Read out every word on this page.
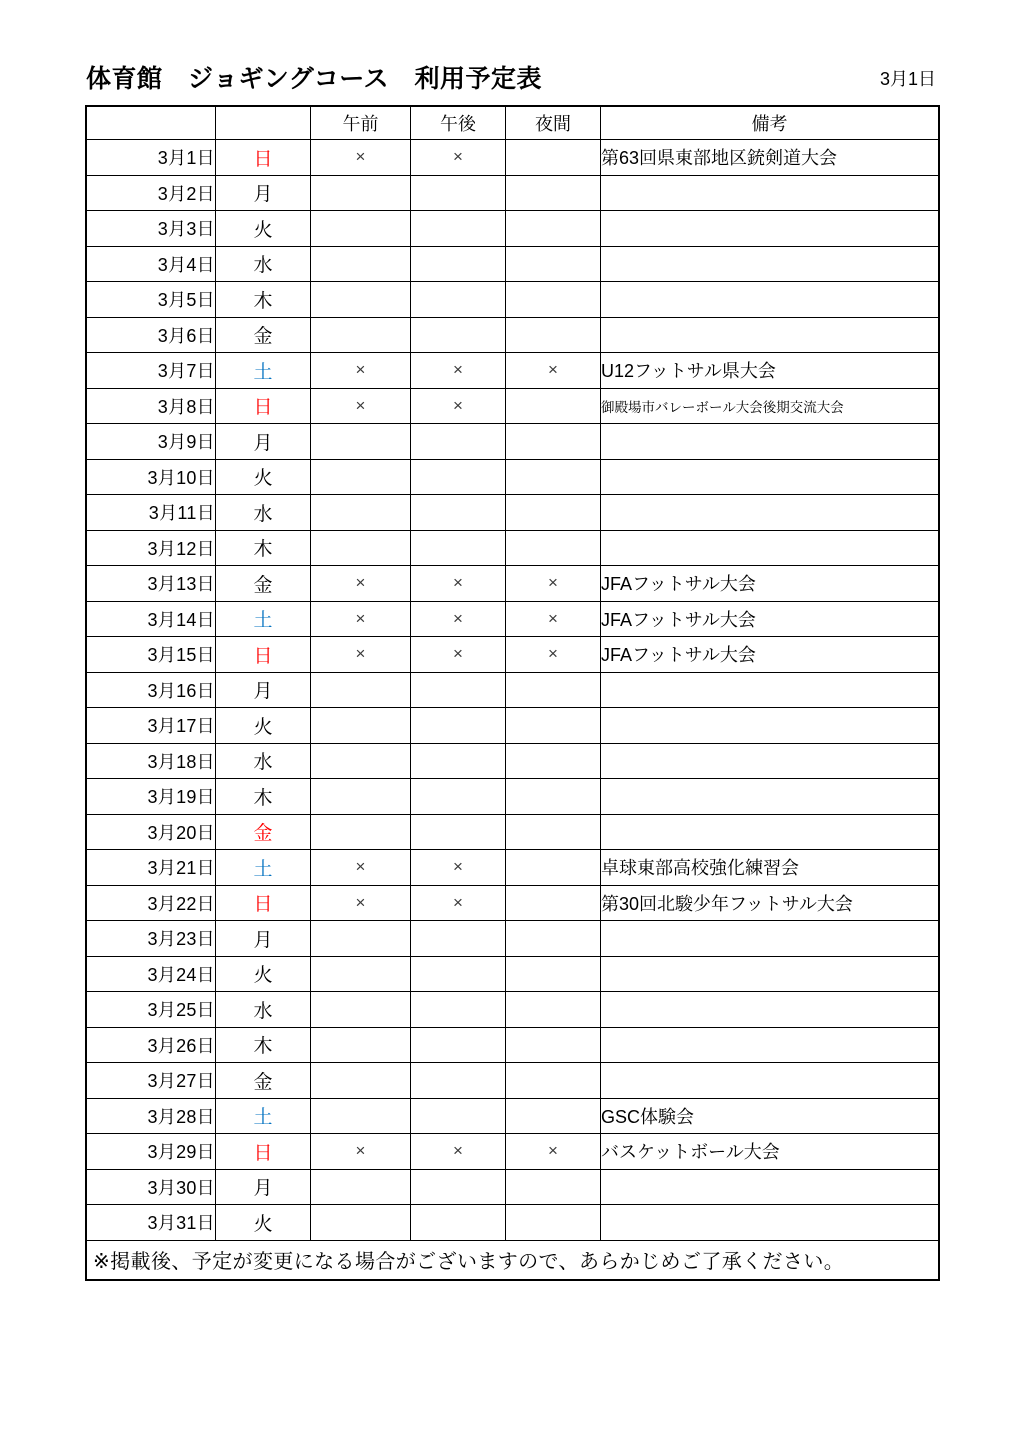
体育館　ジョギングコース　利用予定表	3月1日
		午前	午後	夜間	備考
3月1日	日	×	×		第63回県東部地区銃剣道大会
3月2日	月				
3月3日	火				
3月4日	水				
3月5日	木				
3月6日	金				
3月7日	土	×	×	×	U12フットサル県大会
3月8日	日	×	×		御殿場市バレーボール大会後期交流大会
3月9日	月				
3月10日	火				
3月11日	水				
3月12日	木				
3月13日	金	×	×	×	JFAフットサル大会
3月14日	土	×	×	×	JFAフットサル大会
3月15日	日	×	×	×	JFAフットサル大会
3月16日	月				
3月17日	火				
3月18日	水				
3月19日	木				
3月20日	金				
3月21日	土	×	×		卓球東部高校強化練習会
3月22日	日	×	×		第30回北駿少年フットサル大会
3月23日	月				
3月24日	火				
3月25日	水				
3月26日	木				
3月27日	金				
3月28日	土				GSC体験会
3月29日	日	×	×	×	バスケットボール大会
3月30日	月				
3月31日	火				
※掲載後、予定が変更になる場合がございますので、あらかじめご了承ください。					
